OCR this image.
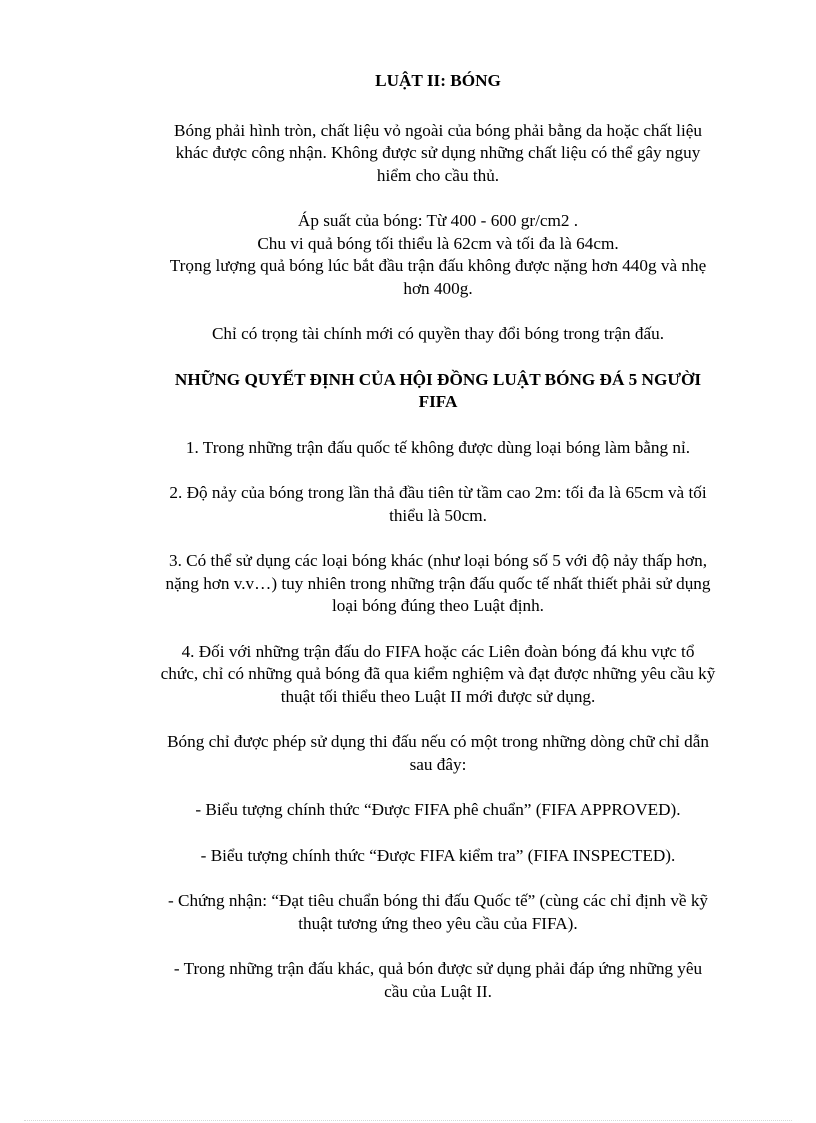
LUẬT II: BÓNG

Bóng phải hình tròn, chất liệu vỏ ngoài của bóng phải bằng da hoặc chất liệu
khác được công nhận. Không được sử dụng những chất liệu có thể gây nguy
hiểm cho cầu thủ.

Áp suất của bóng: Từ 400 - 600 gr/cm2 .

Chu vi quả bóng tối thiểu là 62cm và tối đa là 64cm.

Trọng lượng quả bóng lúc bắt đầu trận đấu không được nặng hơn 440g và nhẹ
hơn 400g.

Chỉ có trọng tài chính mới có quyền thay đổi bóng trong trận đấu.

NHỮNG QUYẾT ĐỊNH CỦA HỘI ĐỒNG LUẬT BÓNG ĐÁ 5 NGƯỜI
FIFA

1. Trong những trận đấu quốc tế không được dùng loại bóng làm bằng nỉ.

2. Độ nảy của bóng trong lần thả đầu tiên từ tầm cao 2m: tối đa là 65cm và tối
thiểu là 50cm.

3. Có thể sử dụng các loại bóng khác (như loại bóng số 5 với độ nảy thấp hơn,
nặng hơn v.v…) tuy nhiên trong những trận đấu quốc tế nhất thiết phải sử dụng
loại bóng đúng theo Luật định.

4. Đối với những trận đấu do FIFA hoặc các Liên đoàn bóng đá khu vực tổ
chức, chỉ có những quả bóng đã qua kiểm nghiệm và đạt được những yêu cầu kỹ
thuật tối thiểu theo Luật II mới được sử dụng.

Bóng chỉ được phép sử dụng thi đấu nếu có một trong những dòng chữ chỉ dẫn
sau đây:

- Biểu tượng chính thức “Được FIFA phê chuẩn” (FIFA APPROVED).

- Biểu tượng chính thức “Được FIFA kiểm tra” (FIFA INSPECTED).

- Chứng nhận: “Đạt tiêu chuẩn bóng thi đấu Quốc tế” (cùng các chỉ định về kỹ
thuật tương ứng theo yêu cầu của FIFA).

- Trong những trận đấu khác, quả bón được sử dụng phải đáp ứng những yêu
cầu của Luật II.
